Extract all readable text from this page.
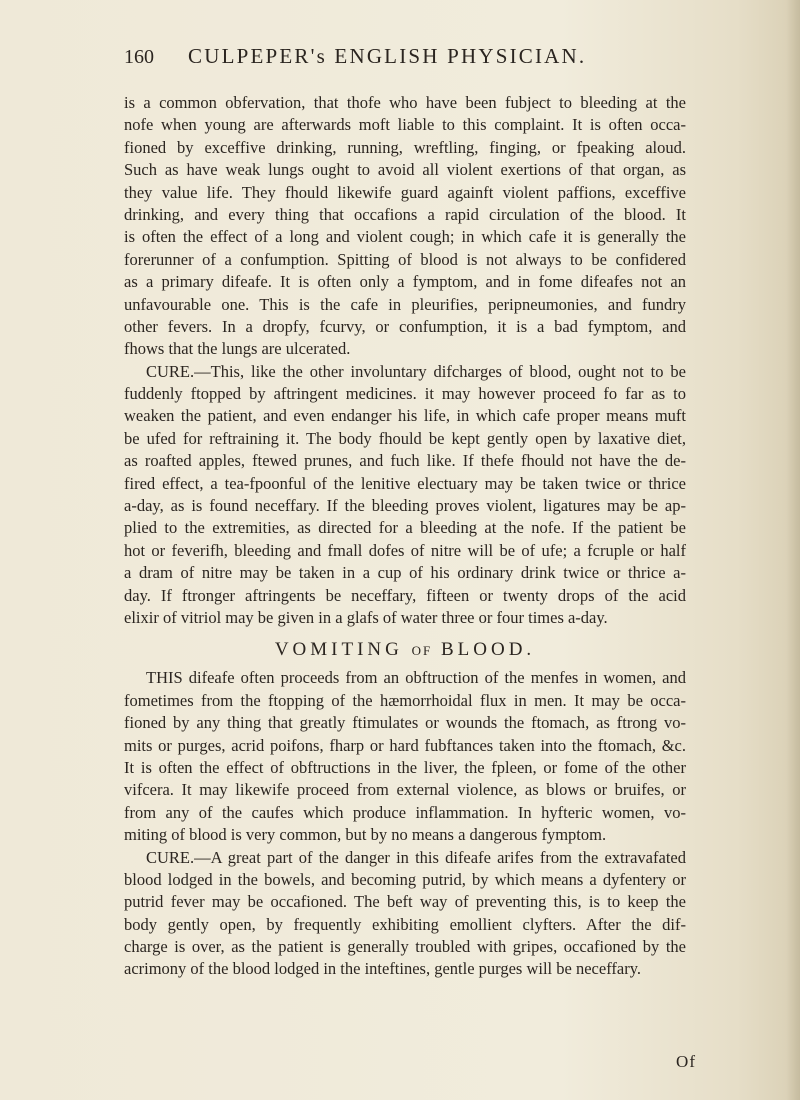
160 CULPEPER's ENGLISH PHYSICIAN.
is a common obfervation, that thofe who have been fubject to bleeding at the
nofe when young are afterwards moft liable to this complaint. It is often occa-
fioned by exceffive drinking, running, wreftling, finging, or fpeaking aloud.
Such as have weak lungs ought to avoid all violent exertions of that organ, as
they value life. They fhould likewife guard againft violent paffions, exceffive
drinking, and every thing that occafions a rapid circulation of the blood. It
is often the effect of a long and violent cough; in which cafe it is generally the
forerunner of a confumption. Spitting of blood is not always to be confidered
as a primary difeafe. It is often only a fymptom, and in fome difeafes not an
unfavourable one. This is the cafe in pleurifies, peripneumonies, and fundry
other fevers. In a dropfy, fcurvy, or confumption, it is a bad fymptom, and
fhows that the lungs are ulcerated.
CURE.—This, like the other involuntary difcharges of blood, ought not to be
fuddenly ftopped by aftringent medicines. it may however proceed fo far as to
weaken the patient, and even endanger his life, in which cafe proper means muft
be ufed for reftraining it. The body fhould be kept gently open by laxative diet,
as roafted apples, ftewed prunes, and fuch like. If thefe fhould not have the de-
fired effect, a tea-fpoonful of the lenitive electuary may be taken twice or thrice
a-day, as is found neceffary. If the bleeding proves violent, ligatures may be ap-
plied to the extremities, as directed for a bleeding at the nofe. If the patient be
hot or feverifh, bleeding and fmall dofes of nitre will be of ufe; a fcruple or half
a dram of nitre may be taken in a cup of his ordinary drink twice or thrice a-
day. If ftronger aftringents be neceffary, fifteen or twenty drops of the acid
elixir of vitriol may be given in a glafs of water three or four times a-day.
VOMITING OF BLOOD.
THIS difeafe often proceeds from an obftruction of the menfes in women, and
fometimes from the ftopping of the hæmorrhoidal flux in men. It may be occa-
fioned by any thing that greatly ftimulates or wounds the ftomach, as ftrong vo-
mits or purges, acrid poifons, fharp or hard fubftances taken into the ftomach, &c.
It is often the effect of obftructions in the liver, the fpleen, or fome of the other
vifcera. It may likewife proceed from external violence, as blows or bruifes, or
from any of the caufes which produce inflammation. In hyfteric women, vo-
miting of blood is very common, but by no means a dangerous fymptom.
CURE.—A great part of the danger in this difeafe arifes from the extravafated
blood lodged in the bowels, and becoming putrid, by which means a dyfentery or
putrid fever may be occafioned. The beft way of preventing this, is to keep the
body gently open, by frequently exhibiting emollient clyfters. After the dif-
charge is over, as the patient is generally troubled with gripes, occafioned by the
acrimony of the blood lodged in the inteftines, gentle purges will be neceffary.
Of
